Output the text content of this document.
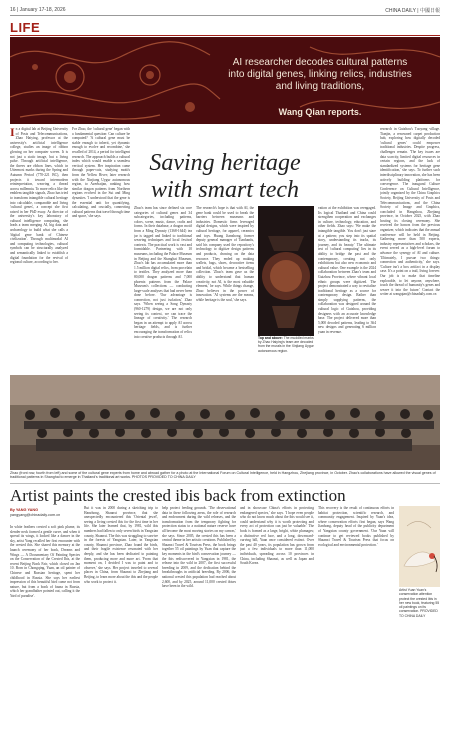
16 | January 17-18, 2026	CHINA DAILY | 中國日報
LIFE
AI researcher decodes cultural patterns into digital genes, linking relics, industries and living traditions,
Wang Qian reports.
Saving heritage with smart tech
In a digital lab at Beijing University of Posts and Telecommunications, Zhao Haiying, professor at the university's artificial intelligence college, studies an image of ribbon glowing on her computer screen. It is not just a static image, but a living pulse. Through artificial intelligence, the threes are ribbon lines, which in Uttermost marks during the Spring and Autumn Period (770-221 BC), then projects it toward intermodern reinterpretation, weaving a thread across millennia. To more relics like the emblem tangible signals, Zhao has tried to transform intangible cultural heritage into calculable, comparable and living 'cultural genes', a concept she first raised in her PhD essay. As director of the university's key laboratory of cultural intelligence computing, she leads a team merging AI, big data and archaeology to build what she calls a 'digital gene bank of Chinese civilization'. Through multimodal AI and computing technologies, cultural symbols can be structurally analyzed and semantically linked to establish a digital foundation for the revival of regional culture, according to her.
For Zhao, the 'cultural gene' began with a fundamental question: Can culture be computed? 'A cultural gene must be stable enough to inherit, yet dynamic enough to evolve and recombine,' she recalled of 2014, a period for intelligent research. The approach builds a cultural index which would enable a seamless vertical system. Her inspiration came through paper-cuts, studying motifs from the Yellow River; later research with the Xinjiang Uygur autonomous region, to Azerbaijan, ranking how similar dragon patterns from Northern regions evolved in the Sui and Ming dynasties. 'I understood that the gene is the essential unit for quantifying, calculating, and crucially, connecting cultural patterns that travel through time and space,' she says.
Zhao's team has since defined six core categories of cultural genes and 34 subcategories, including patterns, colors, scene, music, dance, crafts and forms. In their database, a dragon motif from a Ming Dynasty (1368-1644) tea jar is tagged and linked to traditional weaving techniques and local festival contexts. The practical work is vast and formidable. Partnering with 10 museums, including the Palace Museum in Beijing and the Shanghai Museum, Zhao's lab has accumulated more than 1.5 million digital relics, from porcelain to textiles. They analyzed more than 80,000 dragon patterns and 7,000 phoenix patterns from the Palace Museum's collections — conducting large-scale analyses that had never been done before. 'Our advantage is connection, not just isolation,' Zhao says. 'When seeing a Song Dynasty (960-1279) design, we are not only seeing its context, we can trace the lineage of creativity.' The research began in an attempt to apply AI across heritage fields, and is further encouraging the transformation of relics into creative products through AI.
The research's hope is that with AI, the gene bank could be used to break the barriers between museums and industries. Domestic firms leveraged digital designs, which were inspired by cultural heritage, for apparel, ceramics and toys. Huang Jianzhong, former deputy general manager of Tianhanfu, said his company used the repository's technology to digitize design patterns and products, drawing on the data resource. They ended up making wallets, bags, shoes, decorative items and bridal, which became a bestselling collection. 'Zhao's team gave us the ability to understand that human creativity, not AI, is the most valuable element,' he says. While things change, Zhao believes in the power of innovation. 'AI systems are the means, while heritage is the soul,' she says.
vation at the exhibition was reengaged. Its logical Thailand and China could strengthen cooperation and exchanges in culture, technology, education, and other fields. Zhao says: 'We make the intangible tangible. You don't just stare at a pattern; you step into its spatial story, understanding its tracks, its journey, and its beauty.' The ultimate test of 'cultural computing' lies in its ability to bridge the past and the contemporary, creating not only exhibitions but also new economic and cultural value. One example is the 2024 collaboration between Zhao's team and Guizhou Province, where vibrant local ethnic groups were digitized. The project demonstrated a way to revitalize traditional heritage as a source for contemporary design. Rather than simply supplying patterns, the collaboration was designed around the cultural logic of Guizhou, providing designers with an accurate knowledge base. The project delivered more than 5,000 decoded patterns, leading to 364 new designs and generating 6 million yuan in revenue.
research in Guizhou's Tuoyang village. Tianjin, a renowned carpet production hub, exploring how digitally decoded 'cultural genes' could empower traditional industries. Despite progress, challenges remain. 'The key issues are data scarcity, limited digital resources in certain regions, and the lack of standardized systems for heritage gene identification,' she says. To further such interdisciplinary innovation, she has been actively building platforms for convergence. The inaugural Culture Conference on Cultural Intelligence, jointly organized by the China Graphics Society, Beijing University of Posts and Telecommunications, and the China Society of Image and Graphics, concluded in Hangzhou, Zhejiang province, in October 2025, with Zhao hosting its closing ceremony. She received the honors from the previous organizer, which indicates that the annual conference will be held in Beijing. Gathering more than 500 experts, industry representatives and scholars, the event served as a high-level forum to advance the synergy of AI and culture. 'Ultimately, I pursue two things: connection and authenticity,' she says. 'Culture isn't a box artifact in a display case. It's a point on a trail, living forever. Our job is to make that timeline explorable, to let anyone, anywhere, touch the thread of humanity's genes and weave it into the future.' Contact the writer at wangqian@chinadaily.com.cn
Top and above: The muddled marks by Zhao Haiying's team are decoded from the murals in the Xinjiang Uygur autonomous region.
Zhao (front row, fourth from left) and some of the cultural gene experts from home and abroad gather for a photo at the International Forum on Cultural Intelligence, held in Hangzhou, Zhejiang province, in October. Zhao's collaborations have allowed the visual genes of traditional patterns in Shanghai to emerge in Thailand's traditional art works. PHOTOS PROVIDED TO CHINA DAILY
Artist paints the crested ibis back from extinction
By YANG YANG
yangyang@chinadaily.com.cn
In white feathers crested a soft pink plume, its slender neck formed a gentle curve, and when it spread its wings, it looked like a dancer in the sky, artist Yang recalled her first encounter with the crested ibis. She shared this memory at the launch ceremony of her book, Dreams and Wings — A Documentary Of Painting Species on the Conservation of the Crested Ibis, at the recent Beijing Book Fair, which closed on Jan 10. Born in Chongqing, Yuan, an oil painter of Chinese and Russian heritage, spent her childhood in Russia. She says her earliest impression of this beautiful bird came not from nature, but from a book of fauna in Russia, which her grandfather pointed out, calling it the 'bird of paradise'.
But it was in 2000 during a sketching trip to Hanzhong, Shaanxi province, that she unexpectedly encountered this 'Oriental jewel', seeing a living crested ibis for the first time in her life. She later learned that, by 1981, wild ibis numbers had fallen to only seven birds in Yangxian county, Shaanxi. The ibis was struggling to survive in the forests of Yangxian. Later, in Yangxian county, Shaanxi province, Zhao found the birds, and their fragile existence resonated with her deeply, and she has been dedicated to painting them, producing more and more art. 'From that moment on, I decided I was to paint and to observe,' she says. Her project traveled to several places in China, from Shaanxi to Zhejiang and Beijing, to learn more about the ibis and the people who work to protect it.
help protect feeding grounds. 'The observational data in these following areas, the role of research and endowment during the wild releases, and the transformation from the temporary fighting for protection status to a national nature reserve have all become the most moving stories on my canvas,' she says. Since 2005, the crested ibis has been a central theme in her artistic creations. Published by Shaanxi Travel & Tourism Press, the book brings together 55 oil paintings by Yuan that capture the key moments in the bird's conservation journey — the ibis rediscovered in Yangxian in 1981, the release into the wild in 2007, the first successful breeding in 2009, and the dedication behind the breakthroughs in artificial breeding. By 2006, the national crested ibis population had reached about 2,600, and by 2025, around 11,000 crested ibises have been in the wild.
and in showcase China's efforts in protecting endangered species,' she says. 'I hope even people who do not know much about the ibis would see it, could understand why it is worth protecting and every act of protection can just be valuable.' The book is framed as a large, bright, white plumages; a distinctive red face, and a long, downward-curving bill, Yuan once considered extinct. Over the past 40 years, its population has grown from just a few individuals to more than 11,000 individuals, spreading across 10 provinces in China, including Shaanxi, as well as Japan and South Korea.
This recovery is the result of continuous efforts in habitat protection, scientific research, and community engagement. Inspired by Yuan's idea, where conservation efforts first began, says Wang Jianhong, deputy head of the publicity department of Yangxian county government. 'Our Yuan will continue to get reviewed books published by Shaanxi Travel & Tourism Press that focus on ecological and environmental protection.'
Artist Yuan Yuan's conservation attention protect the crested ibis in her new book, featuring 55 oil paintings on its conservation. PROVIDED TO CHINA DAILY
